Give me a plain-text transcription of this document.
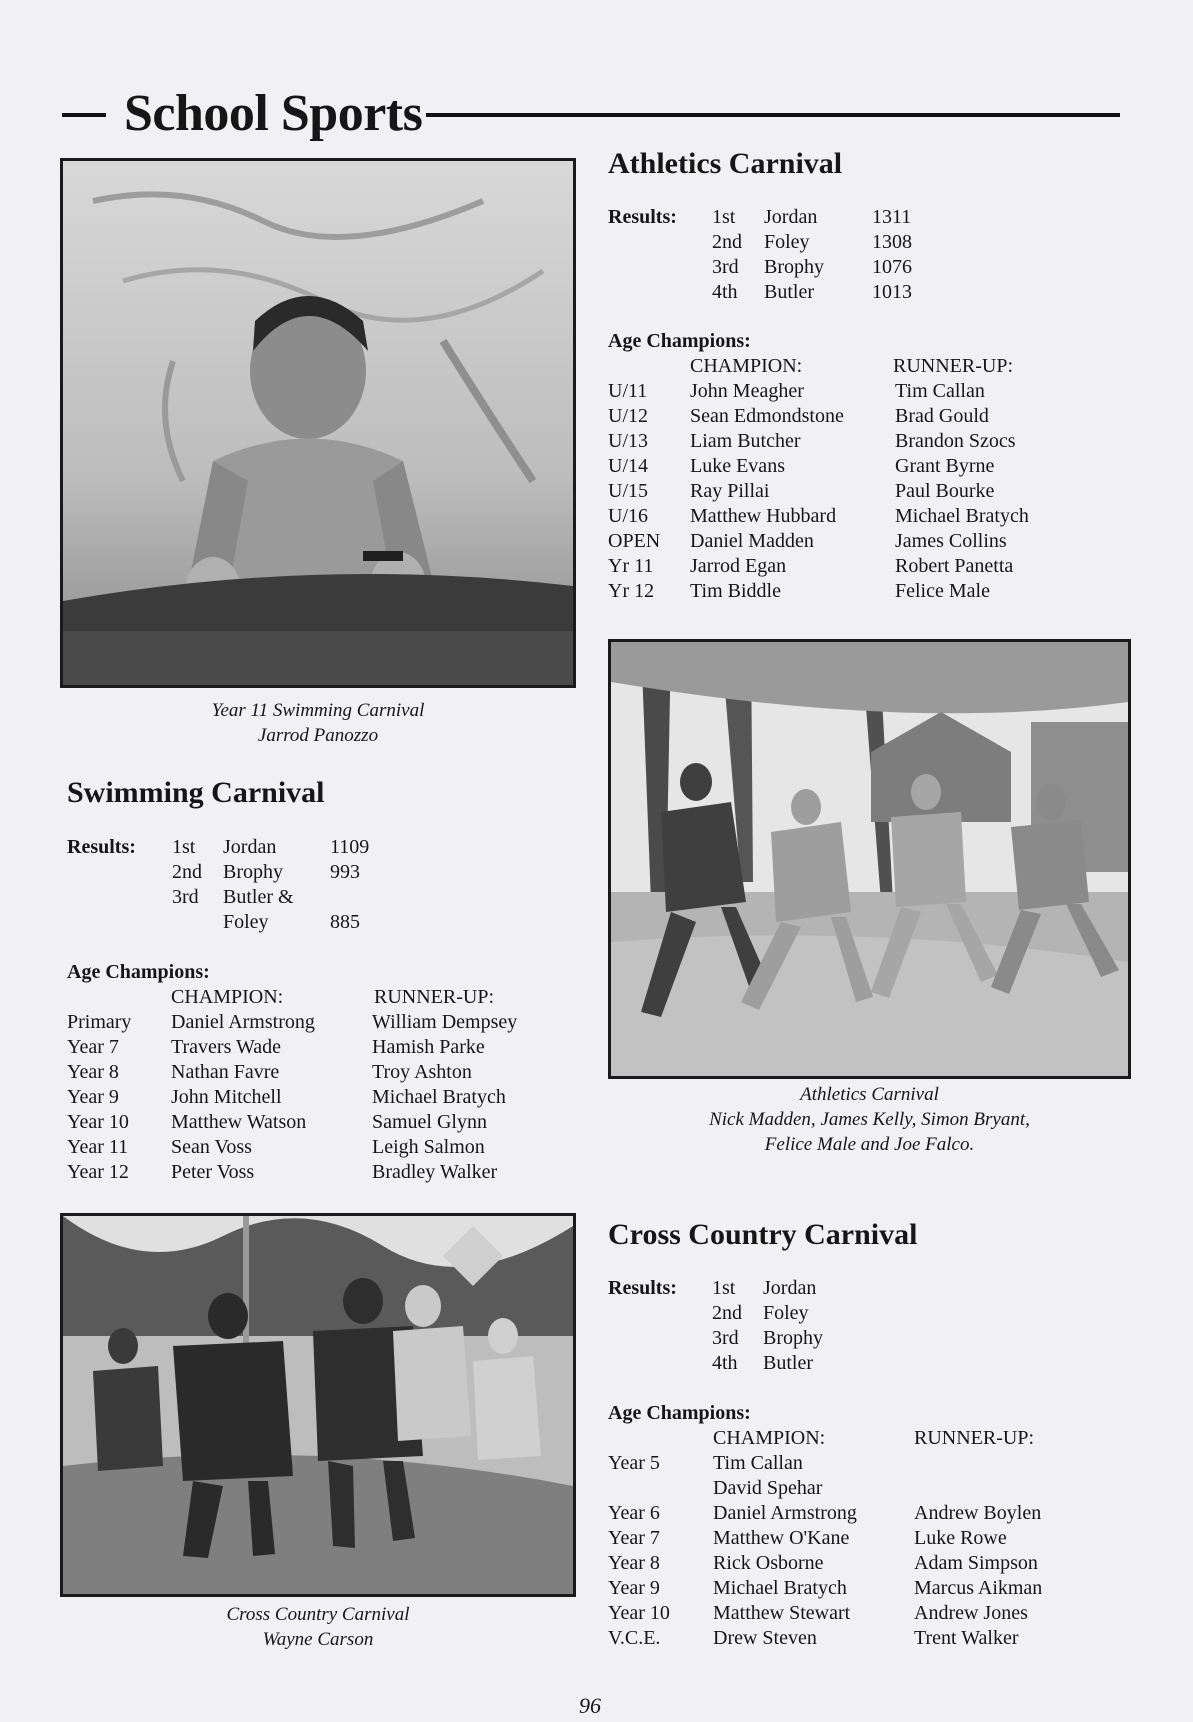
School Sports
Year 11 Swimming Carnival
Jarrod Panozzo
Athletics Carnival
Results: 1st Jordan	1311
2nd Foley	1308
3rd Brophy 1076
4th Butler	1013
Age Champions:
CHAMPION:	RUNNER-UP:
U/11 John Meagher	Tim Callan
U/12 Sean Edmondstone	Brad Gould
U/13 Liam Butcher	Brandon Szocs
U/14 Luke Evans	Grant Byrne
U/15 Ray Pillai	Paul Bourke
U/16 Matthew Hubbard	Michael Bratych
OPEN Daniel Madden	James Collins
Yr 11 Jarrod Egan	Robert Panetta
Yr 12 Tim Biddle	Felice Male
Athletics Carnival
Nick Madden, James Kelly, Simon Bryant,
Felice Male and Joe Falco.
Swimming Carnival
Results: 1st Jordan	1109
2nd Brophy 993
3rd Butler &
Foley	885
Age Champions:
CHAMPION:	RUNNER-UP:
Primary Daniel Armstrong	William Dempsey
Year 7	Travers Wade	Hamish Parke
Year 8	Nathan Favre	Troy Ashton
Year 9	John Mitchell	Michael Bratych
Year 10 Matthew Watson	Samuel Glynn
Year 11 Sean Voss	Leigh Salmon
Year 12 Peter Voss	Bradley Walker
Cross Country Carnival
Wayne Carson
Cross Country Carnival
Results: 1st Jordan
2nd Foley
3rd Brophy
4th Butler
Age Champions:
CHAMPION:	RUNNER-UP:
Year 5	Tim Callan
David Spehar
Year 6	Daniel Armstrong	Andrew Boylen
Year 7	Matthew O'Kane	Luke Rowe
Year 8	Rick Osborne	Adam Simpson
Year 9	Michael Bratych	Marcus Aikman
Year 10 Matthew Stewart	Andrew Jones
V.C.E.	Drew Steven	Trent Walker
96
